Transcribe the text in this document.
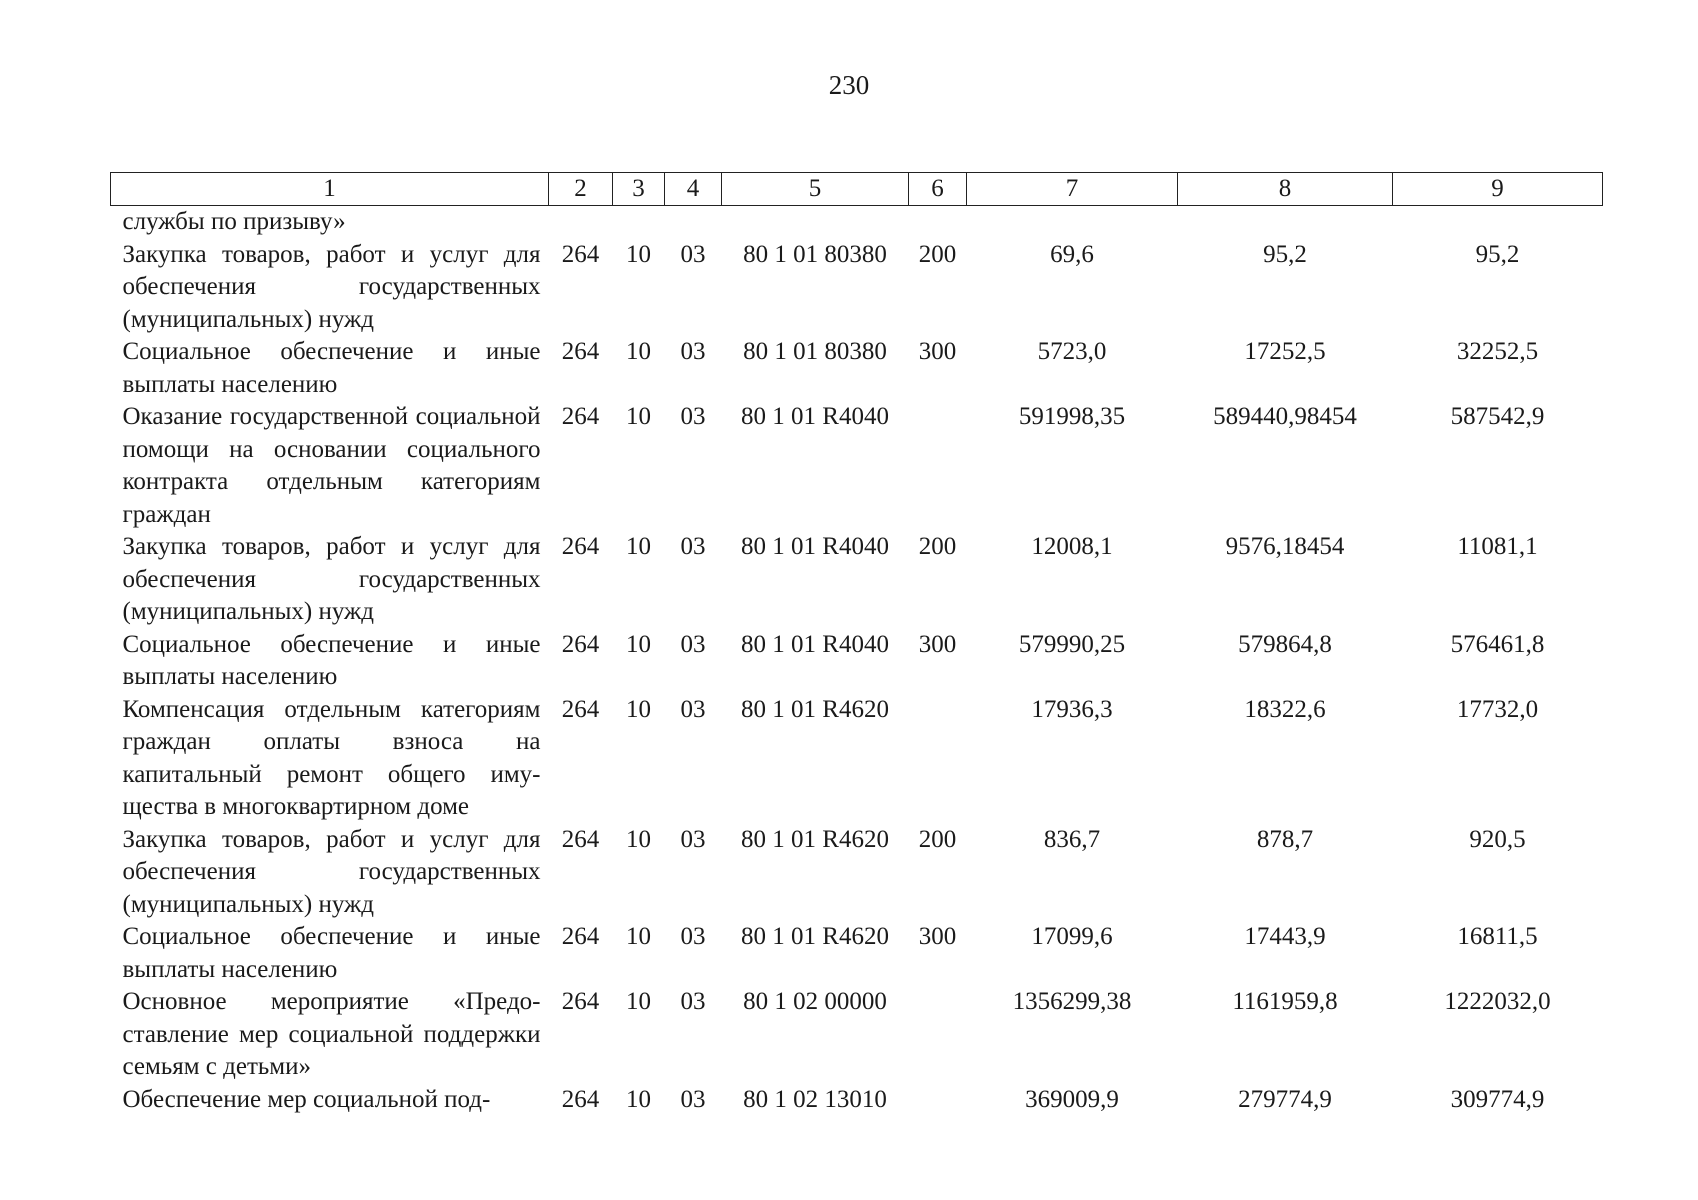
230
1	2	3	4	5	6	7	8	9
службы по призыву»								
Закупка товаров, работ и услуг для обеспечения государственных (муниципальных) нужд	264	10	03	80 1 01 80380	200	69,6	95,2	95,2
Социальное обеспечение и иные выплаты населению	264	10	03	80 1 01 80380	300	5723,0	17252,5	32252,5
Оказание государственной социальной помощи на основании социального контракта отдельным категориям граждан	264	10	03	80 1 01 R4040		591998,35	589440,98454	587542,9
Закупка товаров, работ и услуг для обеспечения государственных (муниципальных) нужд	264	10	03	80 1 01 R4040	200	12008,1	9576,18454	11081,1
Социальное обеспечение и иные выплаты населению	264	10	03	80 1 01 R4040	300	579990,25	579864,8	576461,8
Компенсация отдельным категориям граждан оплаты взноса на капитальный ремонт общего имущества в многоквартирном доме	264	10	03	80 1 01 R4620		17936,3	18322,6	17732,0
Закупка товаров, работ и услуг для обеспечения государственных (муниципальных) нужд	264	10	03	80 1 01 R4620	200	836,7	878,7	920,5
Социальное обеспечение и иные выплаты населению	264	10	03	80 1 01 R4620	300	17099,6	17443,9	16811,5
Основное мероприятие «Предоставление мер социальной поддержки семьям с детьми»	264	10	03	80 1 02 00000		1356299,38	1161959,8	1222032,0
Обеспечение мер социальной под-	264	10	03	80 1 02 13010		369009,9	279774,9	309774,9
